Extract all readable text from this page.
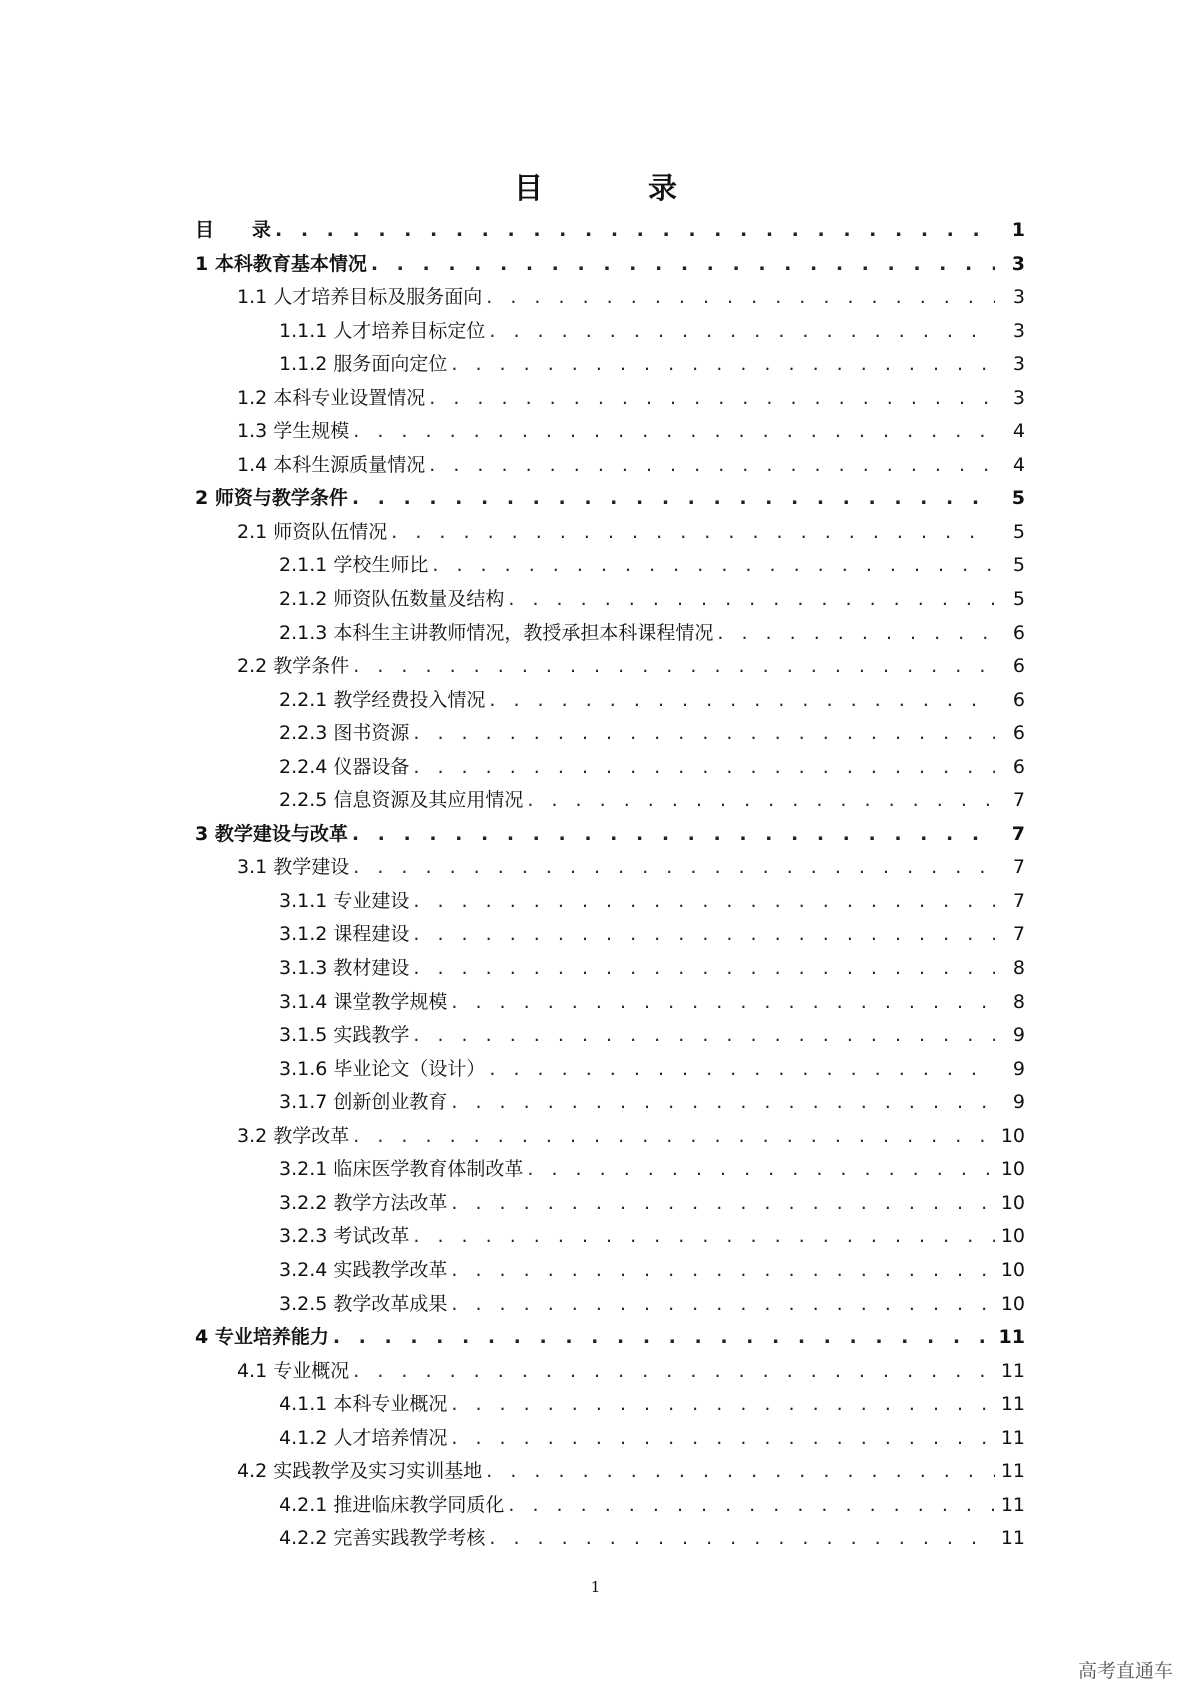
目　录
目　　录 . . .	1
1 本科教育基本情况 . . .	3
1.1 人才培养目标及服务面向 . . .	3
1.1.1 人才培养目标定位 . . .	3
1.1.2 服务面向定位 . . .	3
1.2 本科专业设置情况 . . .	3
1.3 学生规模 . . .	4
1.4 本科生源质量情况 . . .	4
2 师资与教学条件 . . .	5
2.1 师资队伍情况 . . .	5
2.1.1 学校生师比 . . .	5
2.1.2 师资队伍数量及结构 . . .	5
2.1.3 本科生主讲教师情况，教授承担本科课程情况 . . .	6
2.2 教学条件 . . .	6
2.2.1 教学经费投入情况 . . .	6
2.2.3 图书资源 . . .	6
2.2.4 仪器设备 . . .	6
2.2.5 信息资源及其应用情况 . . .	7
3 教学建设与改革 . . .	7
3.1 教学建设 . . .	7
3.1.1 专业建设 . . .	7
3.1.2 课程建设 . . .	7
3.1.3 教材建设 . . .	8
3.1.4 课堂教学规模 . . .	8
3.1.5 实践教学 . . .	9
3.1.6 毕业论文（设计） . . .	9
3.1.7 创新创业教育 . . .	9
3.2 教学改革 . . .	10
3.2.1 临床医学教育体制改革 . . .	10
3.2.2 教学方法改革 . . .	10
3.2.3 考试改革 . . .	10
3.2.4 实践教学改革 . . .	10
3.2.5 教学改革成果 . . .	10
4 专业培养能力 . . .	11
4.1 专业概况 . . .	11
4.1.1 本科专业概况 . . .	11
4.1.2 人才培养情况 . . .	11
4.2 实践教学及实习实训基地 . . .	11
4.2.1 推进临床教学同质化 . . .	11
4.2.2 完善实践教学考核 . . .	11
1
高考直通车
